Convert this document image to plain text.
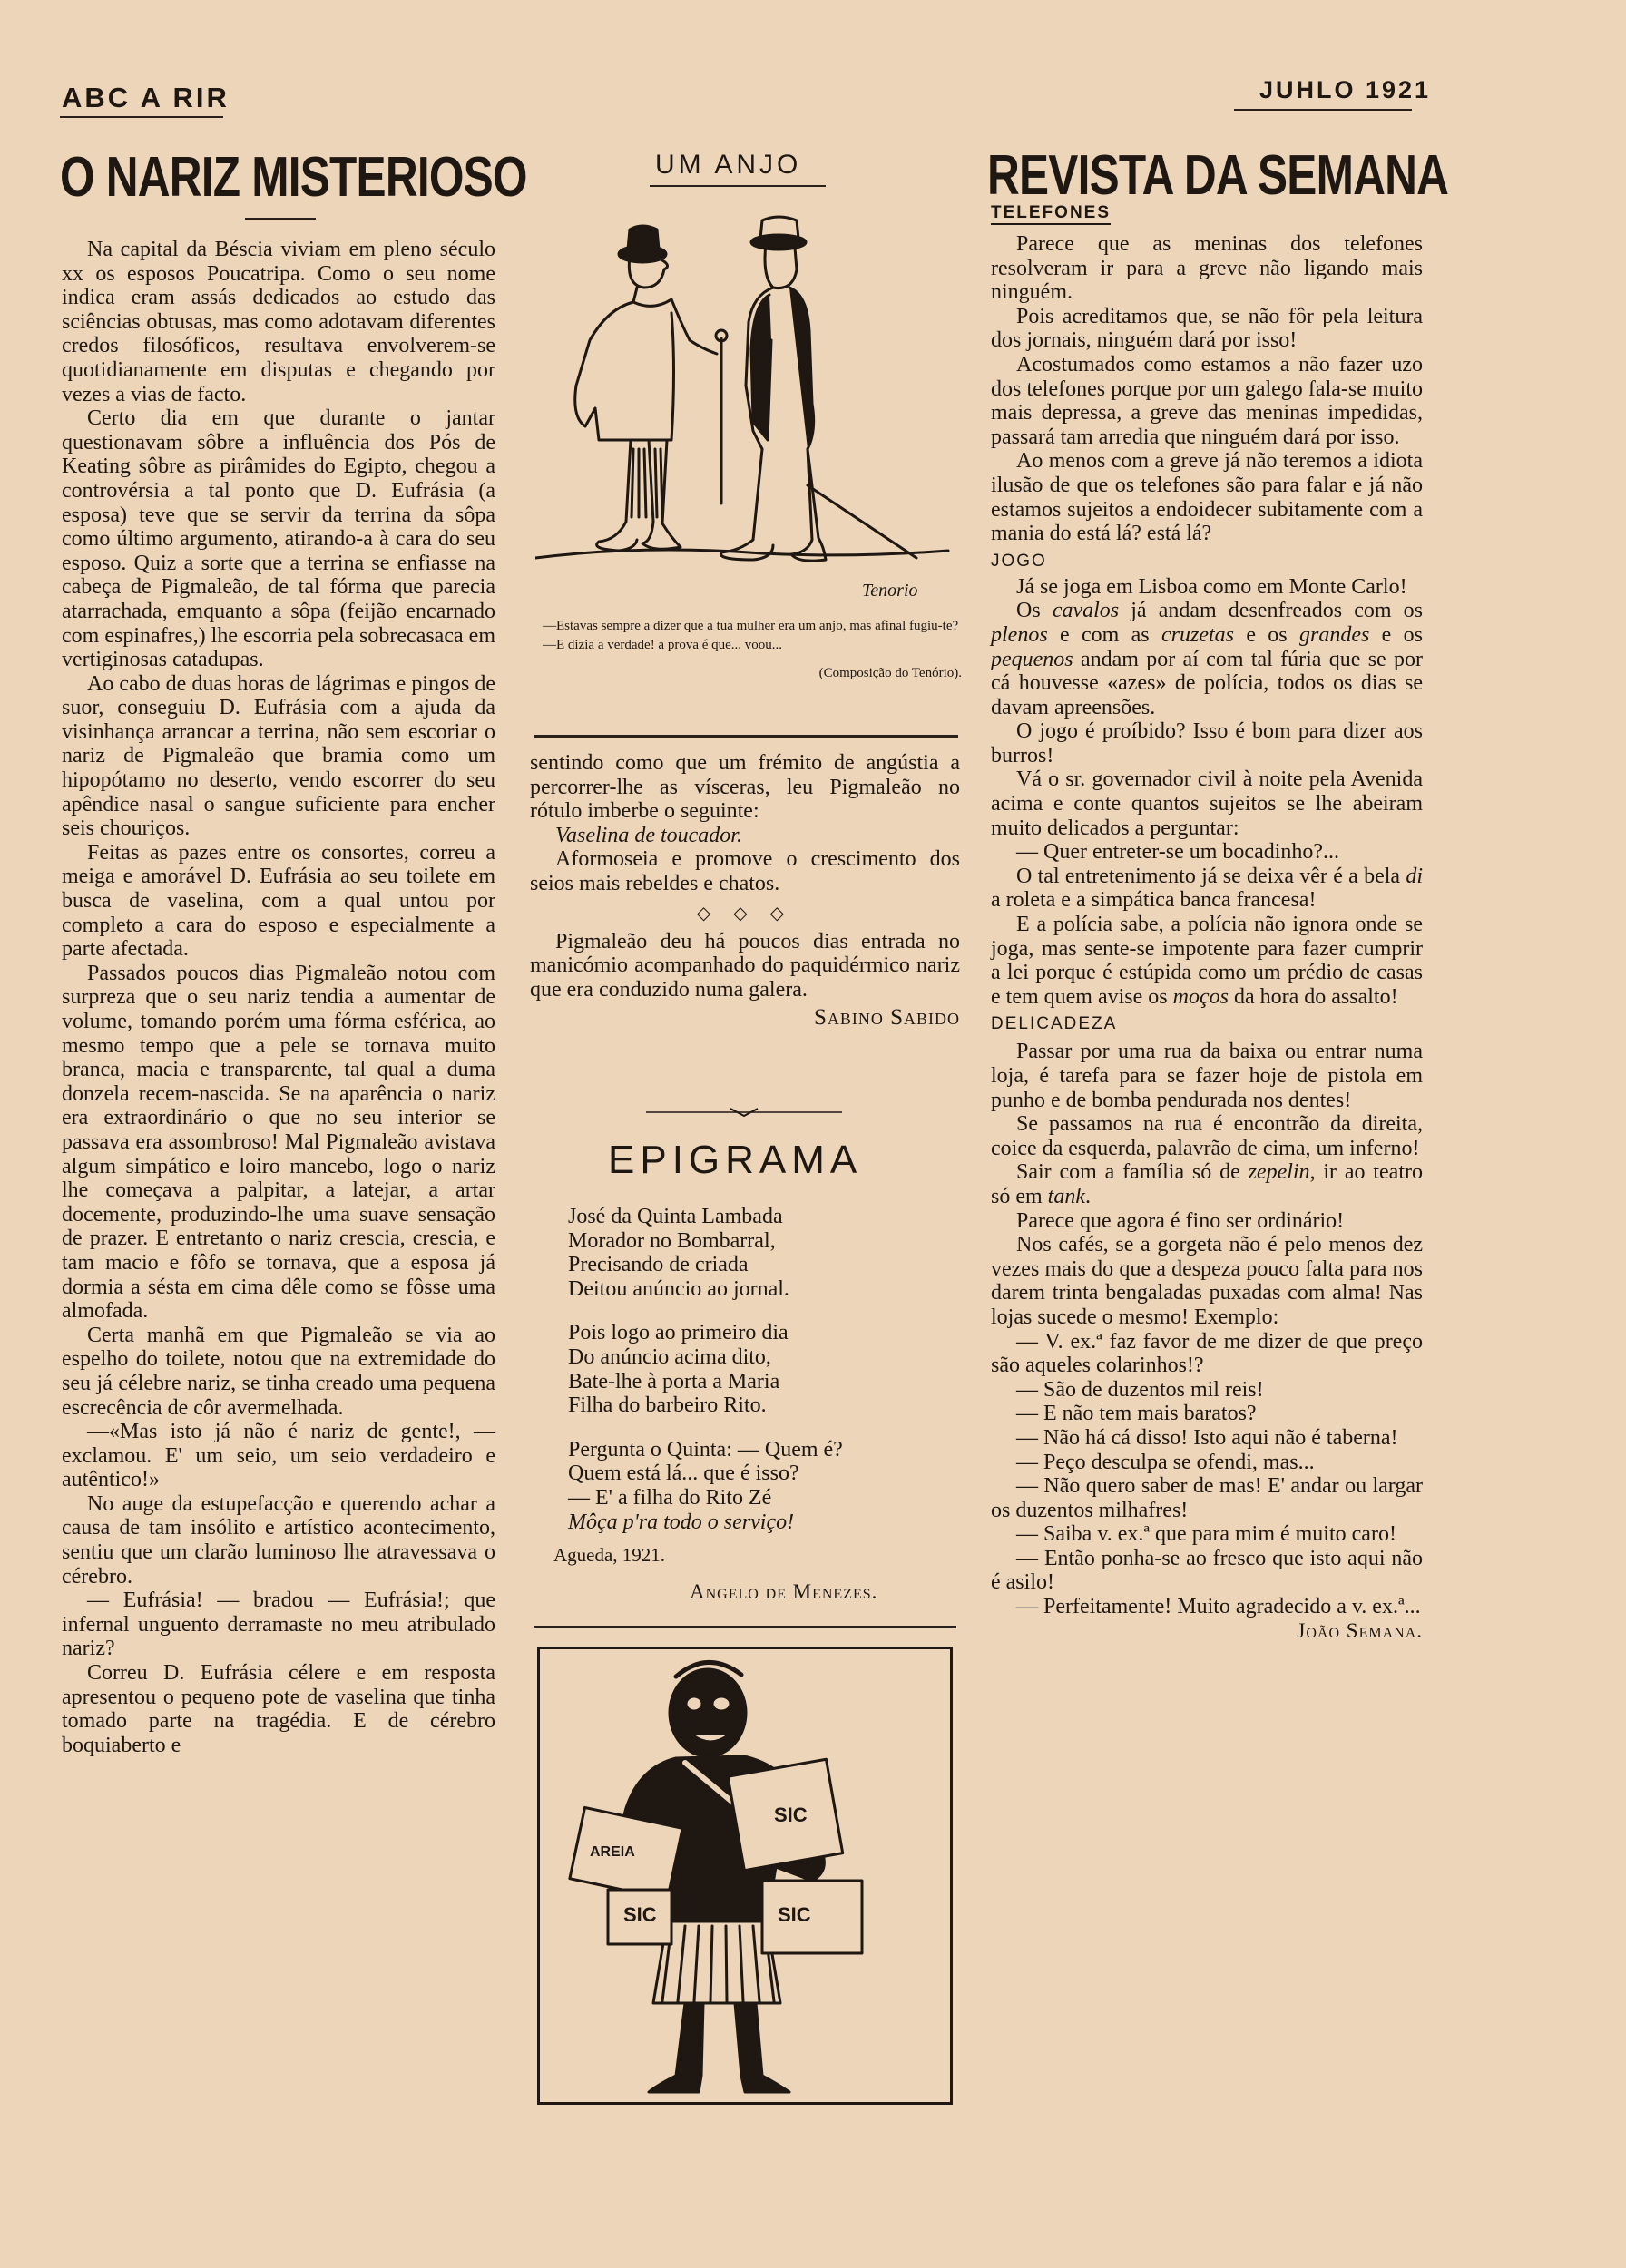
ABC A RIR	JUHLO 1921
O NARIZ MISTERIOSO

Na capital da Béscia viviam em pleno século xx os esposos Poucatripa. Como o seu nome indica eram assás dedicados ao estudo das sciências obtusas, mas como adotavam diferentes credos filosóficos, resultava envolverem-se quotidianamente em disputas e chegando por vezes a vias de facto.

Certo dia em que durante o jantar questionavam sôbre a influência dos Pós de Keating sôbre as pirâmides do Egipto, chegou a controvérsia a tal ponto que D. Eufrásia (a esposa) teve que se servir da terrina da sôpa como último argumento, atirando-a à cara do seu esposo. Quiz a sorte que a terrina se enfiasse na cabeça de Pigmaleão, de tal fórma que parecia atarrachada, emquanto a sôpa (feijão encarnado com espinafres,) lhe escorria pela sobrecasaca em vertiginosas catadupas.

Ao cabo de duas horas de lágrimas e pingos de suor, conseguiu D. Eufrásia com a ajuda da visinhança arrancar a terrina, não sem escoriar o nariz de Pigmaleão que bramia como um hipopótamo no deserto, vendo escorrer do seu apêndice nasal o sangue suficiente para encher seis chouriços.

Feitas as pazes entre os consortes, correu a meiga e amorável D. Eufrásia ao seu toilete em busca de vaselina, com a qual untou por completo a cara do esposo e especialmente a parte afectada.

Passados poucos dias Pigmaleão notou com surpreza que o seu nariz tendia a aumentar de volume, tomando porém uma fórma esférica, ao mesmo tempo que a pele se tornava muito branca, macia e transparente, tal qual a duma donzela recem-nascida. Se na aparência o nariz era extraordinário o que no seu interior se passava era assombroso! Mal Pigmaleão avistava algum simpático e loiro mancebo, logo o nariz lhe começava a palpitar, a latejar, a artar docemente, produzindo-lhe uma suave sensação de prazer. E entretanto o nariz crescia, crescia, e tam macio e fôfo se tornava, que a esposa já dormia a sésta em cima dêle como se fôsse uma almofada.

Certa manhã em que Pigmaleão se via ao espelho do toilete, notou que na extremidade do seu já célebre nariz, se tinha creado uma pequena escrecência de côr avermelhada.

—«Mas isto já não é nariz de gente!, —exclamou. E' um seio, um seio verdadeiro e autêntico!»

No auge da estupefacção e querendo achar a causa de tam insólito e artístico acontecimento, sentiu que um clarão luminoso lhe atravessava o cérebro.

— Eufrásia! — bradou — Eufrásia!; que infernal unguento derramaste no meu atribulado nariz?

Correu D. Eufrásia célere e em resposta apresentou o pequeno pote de vaselina que tinha tomado parte na tragédia. E de cérebro boquiaberto e

UM ANJO
Tenorio
—Estavas sempre a dizer que a tua mulher era um anjo, mas afinal fugiu-te?
—E dizia a verdade! a prova é que... voou...
(Composição do Tenório).

sentindo como que um frémito de angústia a percorrer-lhe as vísceras, leu Pigmaleão no rótulo imberbe o seguinte:

Vaselina de toucador.

Aformoseia e promove o crescimento dos seios mais rebeldes e chatos.

◇ ◇ ◇

Pigmaleão deu há poucos dias entrada no manicómio acompanhado do paquidérmico nariz que era conduzido numa galera.

Sabino Sabido
EPIGRAMA

José da Quinta Lambada

Morador no Bombarral,

Precisando de criada

Deitou anúncio ao jornal.

Pois logo ao primeiro dia

Do anúncio acima dito,

Bate-lhe à porta a Maria

Filha do barbeiro Rito.

Pergunta o Quinta: — Quem é?

Quem está lá... que é isso?

— E' a filha do Rito Zé

Môça p'ra todo o serviço!

Agueda, 1921.
Angelo de Menezes.
SIC
SIC
SIC
AREIA
REVISTA DA SEMANA
TELEFONES

Parece que as meninas dos telefones resolveram ir para a greve não ligando mais ninguém.

Pois acreditamos que, se não fôr pela leitura dos jornais, ninguém dará por isso!

Acostumados como estamos a não fazer uzo dos telefones porque por um galego fala-se muito mais depressa, a greve das meninas impedidas, passará tam arredia que ninguém dará por isso.

Ao menos com a greve já não teremos a idiota ilusão de que os telefones são para falar e já não estamos sujeitos a endoidecer subitamente com a mania do está lá? está lá?

JOGO

Já se joga em Lisboa como em Monte Carlo!

Os cavalos já andam desenfreados com os plenos e com as cruzetas e os grandes e os pequenos andam por aí com tal fúria que se por cá houvesse «azes» de polícia, todos os dias se davam apreensões.

O jogo é proíbido? Isso é bom para dizer aos burros!

Vá o sr. governador civil à noite pela Avenida acima e conte quantos sujeitos se lhe abeiram muito delicados a perguntar:

— Quer entreter-se um bocadinho?...

O tal entretenimento já se deixa vêr é a bela di a roleta e a simpática banca francesa!

E a polícia sabe, a polícia não ignora onde se joga, mas sente-se impotente para fazer cumprir a lei porque é estúpida como um prédio de casas e tem quem avise os moços da hora do assalto!

DELICADEZA

Passar por uma rua da baixa ou entrar numa loja, é tarefa para se fazer hoje de pistola em punho e de bomba pendurada nos dentes!

Se passamos na rua é encontrão da direita, coice da esquerda, palavrão de cima, um inferno!

Sair com a família só de zepelin, ir ao teatro só em tank.

Parece que agora é fino ser ordinário!

Nos cafés, se a gorgeta não é pelo menos dez vezes mais do que a despeza pouco falta para nos darem trinta bengaladas puxadas com alma! Nas lojas sucede o mesmo! Exemplo:

— V. ex.ª faz favor de me dizer de que preço são aqueles colarinhos!?

— São de duzentos mil reis!

— E não tem mais baratos?

— Não há cá disso! Isto aqui não é taberna!

— Peço desculpa se ofendi, mas...

— Não quero saber de mas! E' andar ou largar os duzentos milhafres!

— Saiba v. ex.ª que para mim é muito caro!

— Então ponha-se ao fresco que isto aqui não é asilo!

— Perfeitamente! Muito agradecido a v. ex.ª...

João Semana.
